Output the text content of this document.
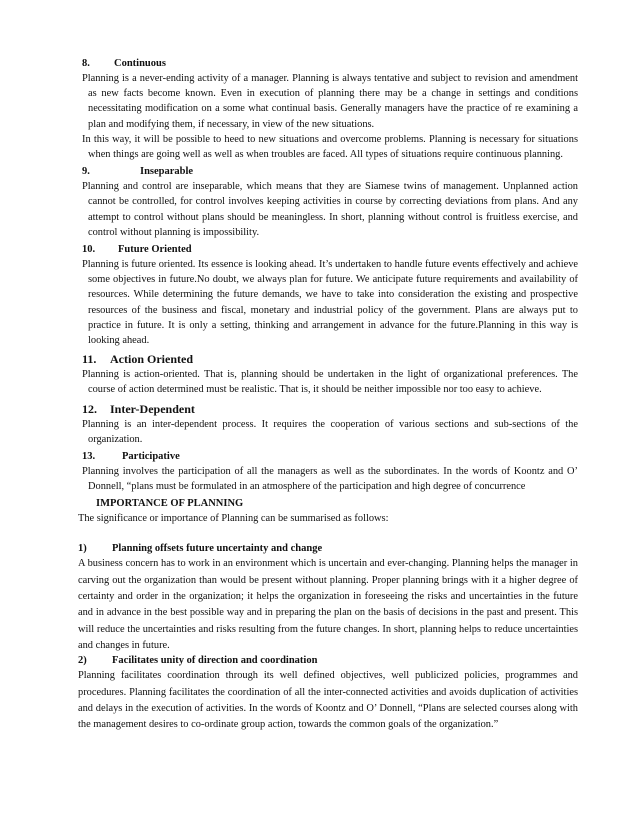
8.	Continuous
Planning is a never-ending activity of a manager. Planning is always tentative and subject to revision and amendment as new facts become known. Even in execution of planning there may be a change in settings and conditions necessitating modification on a some what continual basis. Generally managers have the practice of re examining a plan and modifying them, if necessary, in view of the new situations.
In this way, it will be possible to heed to new situations and overcome problems. Planning is necessary for situations when things are going well as well as when troubles are faced. All types of situations require continuous planning.
9.	Inseparable
Planning and control are inseparable, which means that they are Siamese twins of management. Unplanned action cannot be controlled, for control involves keeping activities in course by correcting deviations from plans. And any attempt to control without plans should be meaningless. In short, planning without control is fruitless exercise, and control without planning is impossibility.
10.	Future Oriented
Planning is future oriented. Its essence is looking ahead. It’s undertaken to handle future events effectively and achieve some objectives in future.No doubt, we always plan for future. We anticipate future requirements and availability of resources. While determining the future demands, we have to take into consideration the existing and prospective resources of the business and fiscal, monetary and industrial policy of the government. Plans are always put to practice in future. It is only a setting, thinking and arrangement in advance for the future.Planning in this way is looking ahead.
11.	Action Oriented
Planning is action-oriented. That is, planning should be undertaken in the light of organizational preferences. The course of action determined must be realistic. That is, it should be neither impossible nor too easy to achieve.
12.	Inter-Dependent
Planning is an inter-dependent process. It requires the cooperation of various sections and sub-sections of the organization.
13.	Participative
Planning involves the participation of all the managers as well as the subordinates. In the words of Koontz and O’ Donnell, “plans must be formulated in an atmosphere of the participation and high degree of concurrence
IMPORTANCE OF PLANNING
The significance or importance of Planning can be summarised as follows:
1)	Planning offsets future uncertainty and change
A business concern has to work in an environment which is uncertain and ever-changing. Planning helps the manager in carving out the organization than would be present without planning. Proper planning brings with it a higher degree of certainty and order in the organization; it helps the organization in foreseeing the risks and uncertainties in the future and in advance in the best possible way and in preparing the plan on the basis of decisions in the past and present. This will reduce the uncertainties and risks resulting from the future changes. In short, planning helps to reduce uncertainties and changes in future.
2)	Facilitates unity of direction and coordination
Planning facilitates coordination through its well defined objectives, well publicized policies, programmes and procedures. Planning facilitates the coordination of all the inter-connected activities and avoids duplication of activities and delays in the execution of activities. In the words of Koontz and O’ Donnell, “Plans are selected courses along with the management desires to co-ordinate group action, towards the common goals of the organization.”
